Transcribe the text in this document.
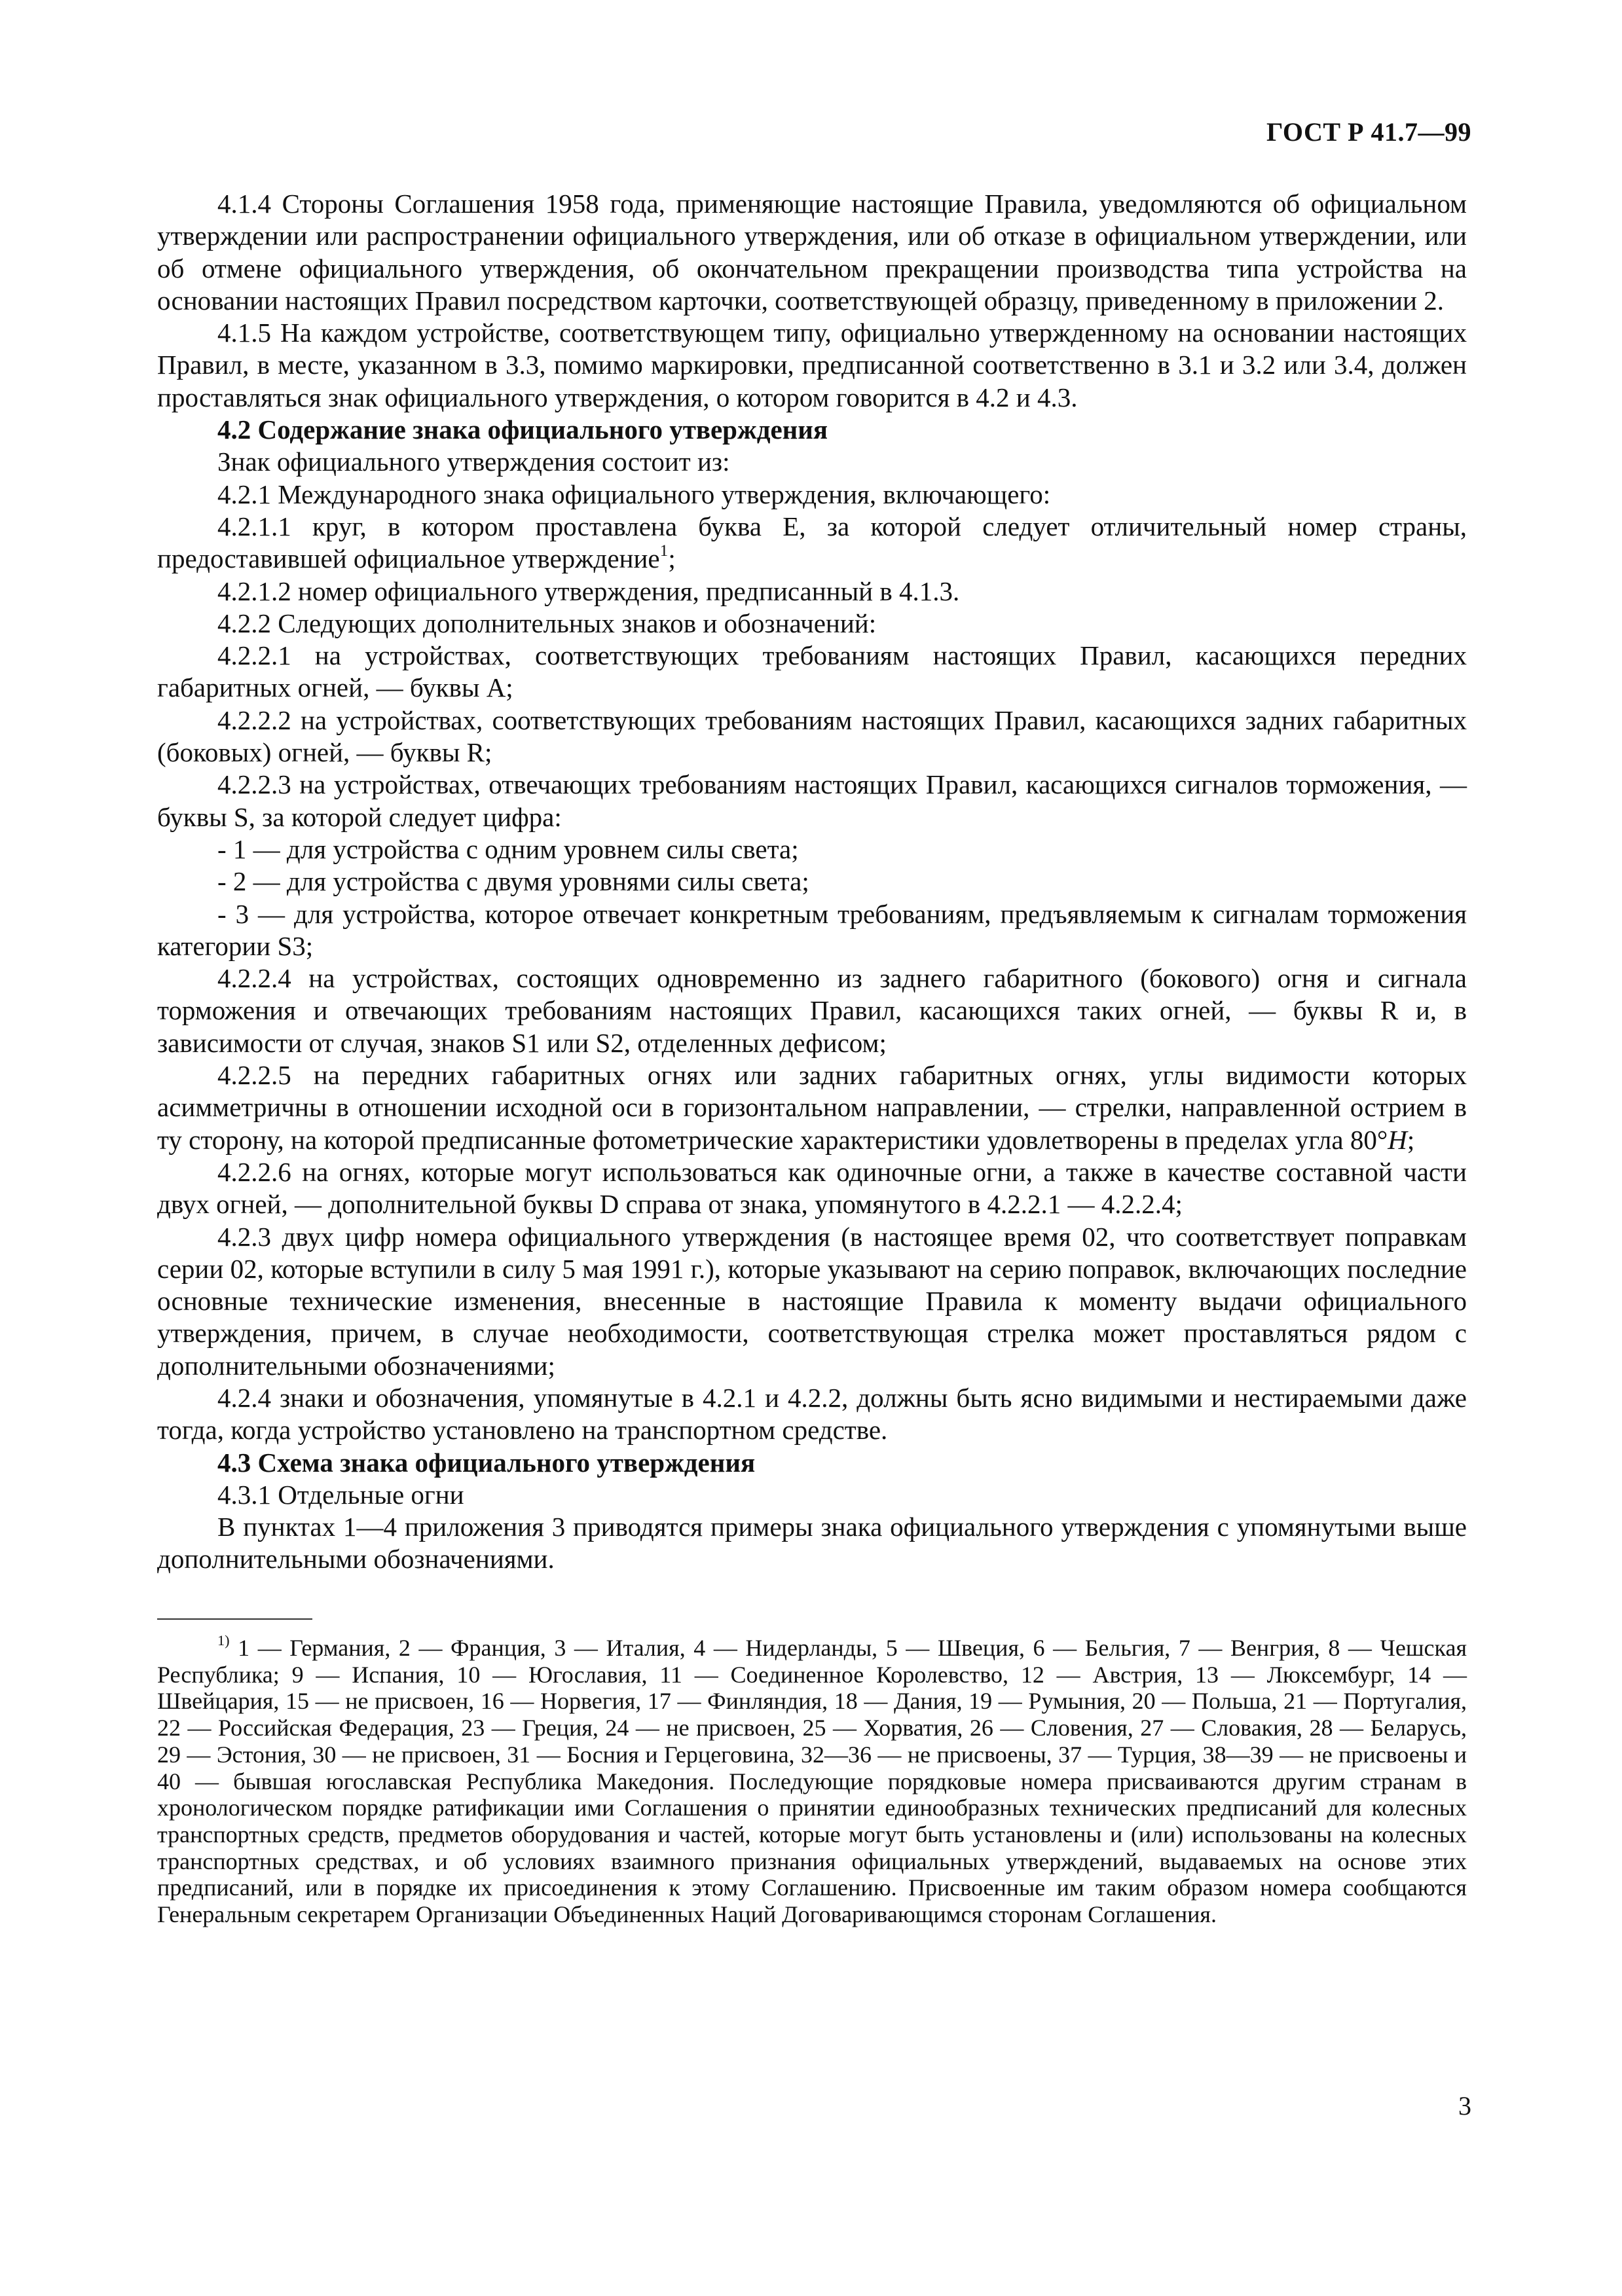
ГОСТ Р 41.7—99

4.1.4 Стороны Соглашения 1958 года, применяющие настоящие Правила, уведомляются об официальном утверждении или распространении официального утверждения, или об отказе в официальном утверждении, или об отмене официального утверждения, об окончательном прекращении производства типа устройства на основании настоящих Правил посредством карточки, соответствующей образцу, приведенному в приложении 2.

4.1.5 На каждом устройстве, соответствующем типу, официально утвержденному на основании настоящих Правил, в месте, указанном в 3.3, помимо маркировки, предписанной соответственно в 3.1 и 3.2 или 3.4, должен проставляться знак официального утверждения, о котором говорится в 4.2 и 4.3.

4.2 Содержание знака официального утверждения

Знак официального утверждения состоит из:

4.2.1 Международного знака официального утверждения, включающего:

4.2.1.1 круг, в котором проставлена буква E, за которой следует отличительный номер страны, предоставившей официальное утверждение$^1$;

4.2.1.2 номер официального утверждения, предписанный в 4.1.3.

4.2.2 Следующих дополнительных знаков и обозначений:

4.2.2.1 на устройствах, соответствующих требованиям настоящих Правил, касающихся передних габаритных огней, — буквы А;

4.2.2.2 на устройствах, соответствующих требованиям настоящих Правил, касающихся задних габаритных (боковых) огней, — буквы R;

4.2.2.3 на устройствах, отвечающих требованиям настоящих Правил, касающихся сигналов торможения, — буквы S, за которой следует цифра:

- 1 — для устройства с одним уровнем силы света;

- 2 — для устройства с двумя уровнями силы света;

- 3 — для устройства, которое отвечает конкретным требованиям, предъявляемым к сигналам торможения категории S3;

4.2.2.4 на устройствах, состоящих одновременно из заднего габаритного (бокового) огня и сигнала торможения и отвечающих требованиям настоящих Правил, касающихся таких огней, — буквы R и, в зависимости от случая, знаков S1 или S2, отделенных дефисом;

4.2.2.5 на передних габаритных огнях или задних габаритных огнях, углы видимости которых асимметричны в отношении исходной оси в горизонтальном направлении, — стрелки, направленной острием в ту сторону, на которой предписанные фотометрические характеристики удовлетворены в пределах угла 80°H;

4.2.2.6 на огнях, которые могут использоваться как одиночные огни, а также в качестве составной части двух огней, — дополнительной буквы D справа от знака, упомянутого в 4.2.2.1 — 4.2.2.4;

4.2.3 двух цифр номера официального утверждения (в настоящее время 02, что соответствует поправкам серии 02, которые вступили в силу 5 мая 1991 г.), которые указывают на серию поправок, включающих последние основные технические изменения, внесенные в настоящие Правила к моменту выдачи официального утверждения, причем, в случае необходимости, соответствующая стрелка может проставляться рядом с дополнительными обозначениями;

4.2.4 знаки и обозначения, упомянутые в 4.2.1 и 4.2.2, должны быть ясно видимыми и нестираемыми даже тогда, когда устройство установлено на транспортном средстве.

4.3 Схема знака официального утверждения

4.3.1 Отдельные огни

В пунктах 1—4 приложения 3 приводятся примеры знака официального утверждения с упомянутыми выше дополнительными обозначениями.

$^{1)}$ 1 — Германия, 2 — Франция, 3 — Италия, 4 — Нидерланды, 5 — Швеция, 6 — Бельгия, 7 — Венгрия, 8 — Чешская Республика; 9 — Испания, 10 — Югославия, 11 — Соединенное Королевство, 12 — Австрия, 13 — Люксембург, 14 — Швейцария, 15 — не присвоен, 16 — Норвегия, 17 — Финляндия, 18 — Дания, 19 — Румыния, 20 — Польша, 21 — Португалия, 22 — Российская Федерация, 23 — Греция, 24 — не присвоен, 25 — Хорватия, 26 — Словения, 27 — Словакия, 28 — Беларусь, 29 — Эстония, 30 — не присвоен, 31 — Босния и Герцеговина, 32—36 — не присвоены, 37 — Турция, 38—39 — не присвоены и 40 — бывшая югославская Республика Македония. Последующие порядковые номера присваиваются другим странам в хронологическом порядке ратификации ими Соглашения о принятии единообразных технических предписаний для колесных транспортных средств, предметов оборудования и частей, которые могут быть установлены и (или) использованы на колесных транспортных средствах, и об условиях взаимного признания официальных утверждений, выдаваемых на основе этих предписаний, или в порядке их присоединения к этому Соглашению. Присвоенные им таким образом номера сообщаются Генеральным секретарем Организации Объединенных Наций Договаривающимся сторонам Соглашения.

3
